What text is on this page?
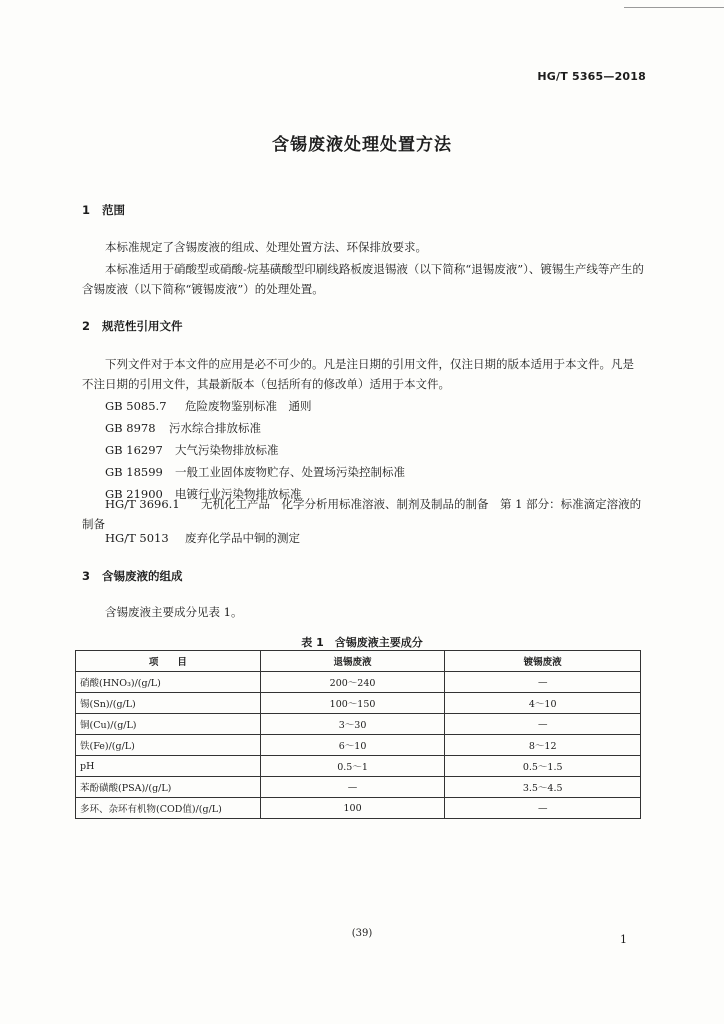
HG/T 5365—2018
含锡废液处理处置方法
1 范围
本标准规定了含锡废液的组成、处理处置方法、环保排放要求。
本标准适用于硝酸型或硝酸-烷基磺酸型印刷线路板废退锡液（以下简称“退锡废液”）、镀锡生产线等产生的含锡废液（以下简称“镀锡废液”）的处理处置。
2 规范性引用文件
下列文件对于本文件的应用是必不可少的。凡是注日期的引用文件，仅注日期的版本适用于本文件。凡是不注日期的引用文件，其最新版本（包括所有的修改单）适用于本文件。
GB 5085.7 危险废物鉴别标准　通则
GB 8978 污水综合排放标准
GB 16297 大气污染物排放标准
GB 18599 一般工业固体废物贮存、处置场污染控制标准
GB 21900 电镀行业污染物排放标准
HG/T 3696.1 无机化工产品　化学分析用标准溶液、制剂及制品的制备　第 1 部分：标准滴定溶液的制备
HG/T 5013 废弃化学品中铜的测定
3 含锡废液的组成
含锡废液主要成分见表 1。
表 1　含锡废液主要成分
项　　目	退锡废液	镀锡废液
硝酸(HNO₃)/(g/L)	200～240	—
锡(Sn)/(g/L)	100～150	4～10
铜(Cu)/(g/L)	3～30	—
铁(Fe)/(g/L)	6～10	8～12
pH	0.5～1	0.5～1.5
苯酚磺酸(PSA)/(g/L)	—	3.5～4.5
多环、杂环有机物(COD值)/(g/L)	100	—
(39)	1
